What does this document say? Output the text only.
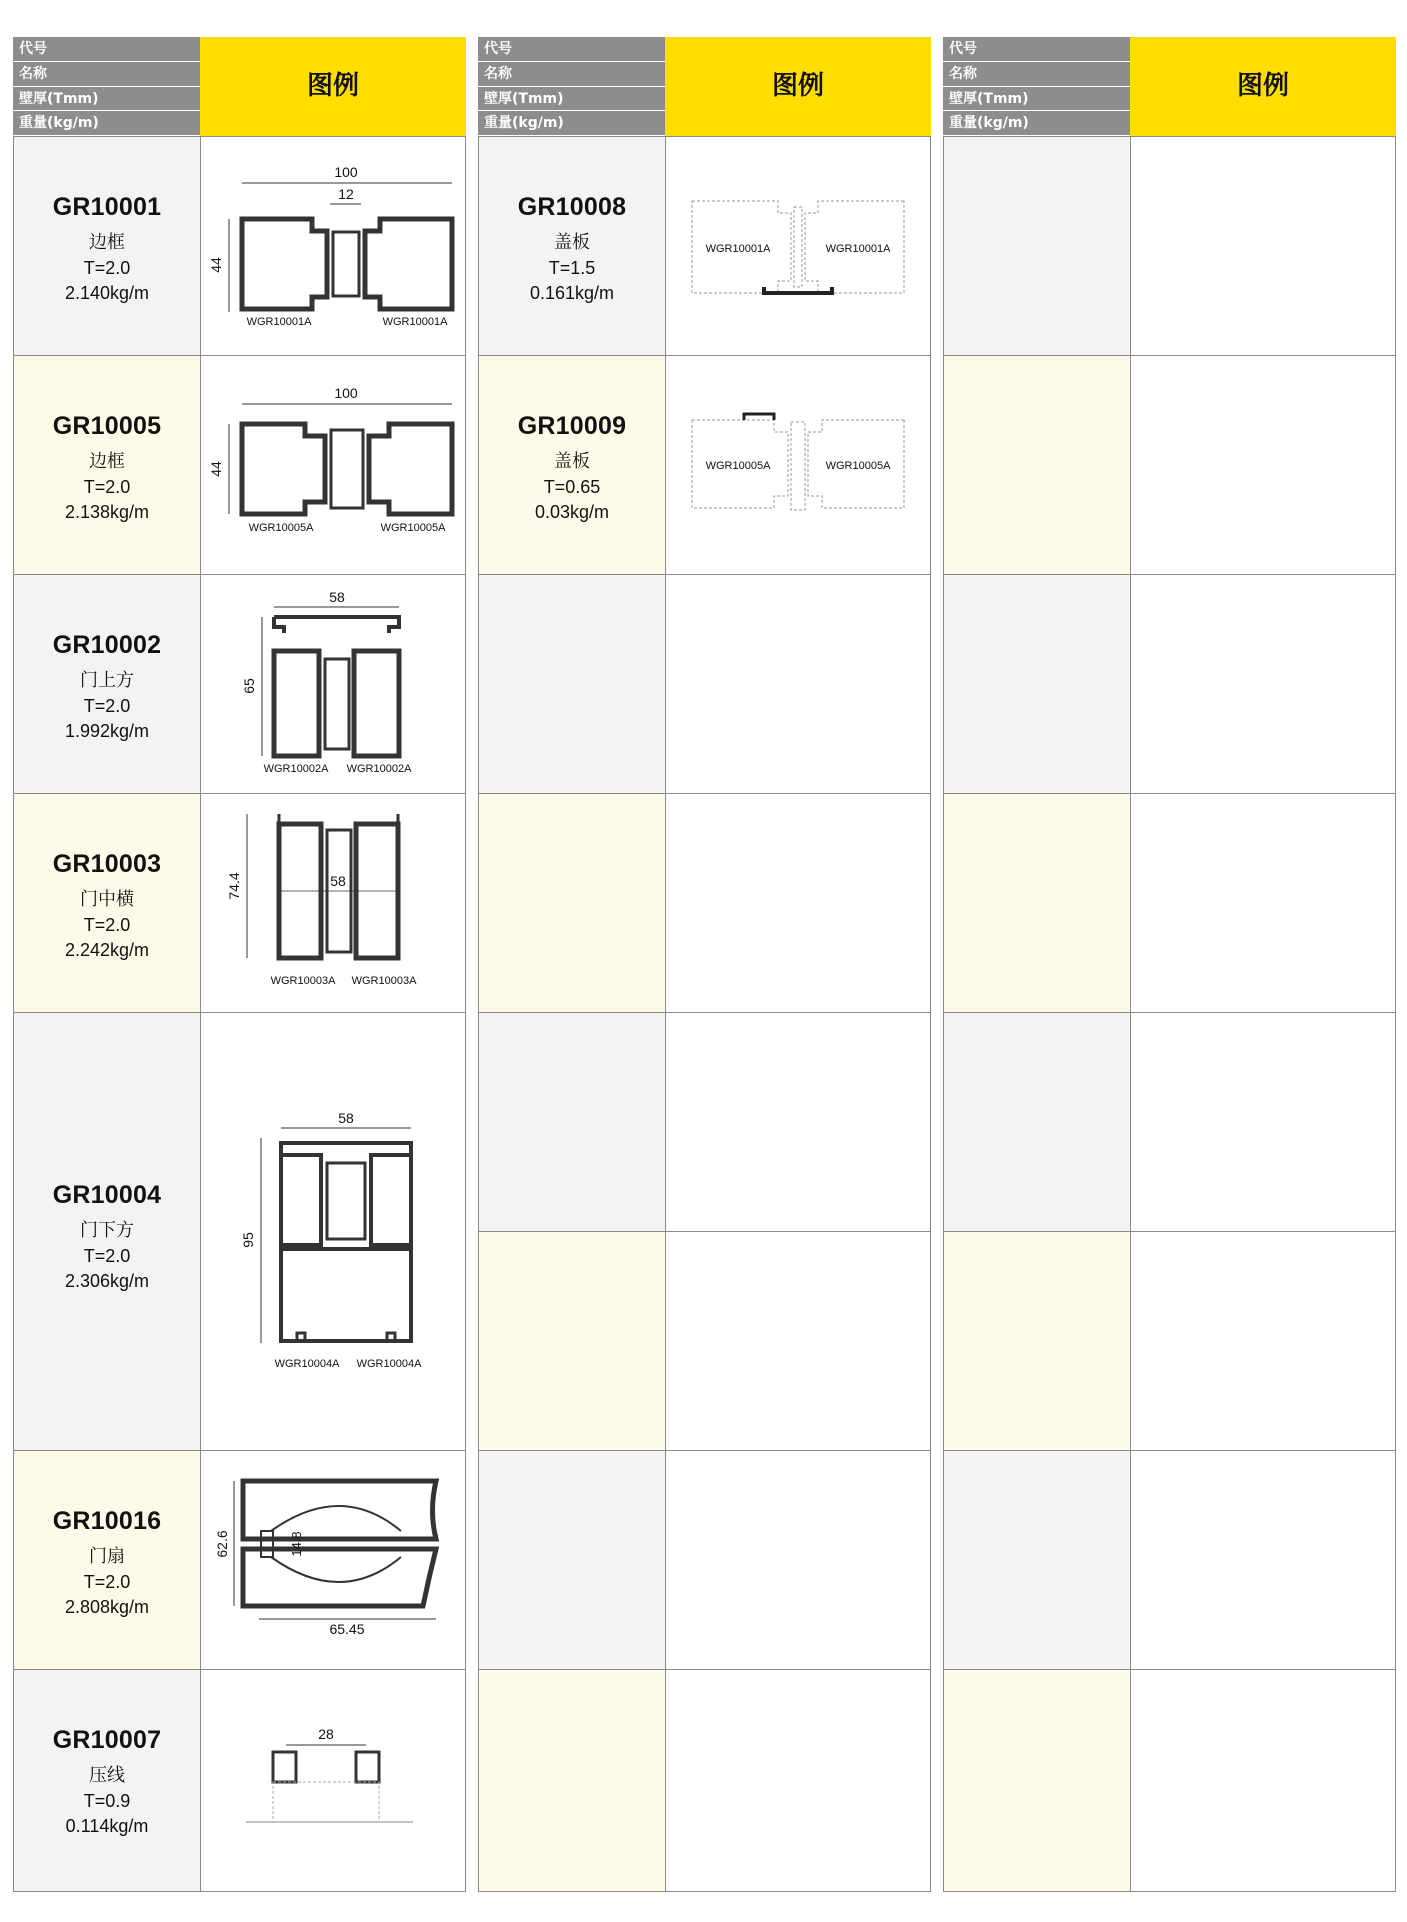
代号
名称
壁厚(Tmm)
重量(kg/m)
图例
GR10001
边框
T=2.0
2.140kg/m
100
12
44
WGR10001A	WGR10001A
GR10005
边框
T=2.0
2.138kg/m
100
44
WGR10005A	WGR10005A
GR10002
门上方
T=2.0
1.992kg/m
58
65
WGR10002A WGR10002A
GR10003
门中横
T=2.0
2.242kg/m
74.4	58
WGR10003A WGR10003A
GR10004
门下方
T=2.0
2.306kg/m
58
95
WGR10004A WGR10004A
GR10016
门扇
T=2.0
2.808kg/m
62.6	14.8
65.45
GR10007
压线
T=0.9
0.114kg/m
28
代号
名称
壁厚(Tmm)
重量(kg/m)
图例
GR10008
盖板
T=1.5
0.161kg/m
WGR10001A	WGR10001A
GR10009
盖板
T=0.65
0.03kg/m
WGR10005A	WGR10005A
代号
名称
壁厚(Tmm)
重量(kg/m)
图例
